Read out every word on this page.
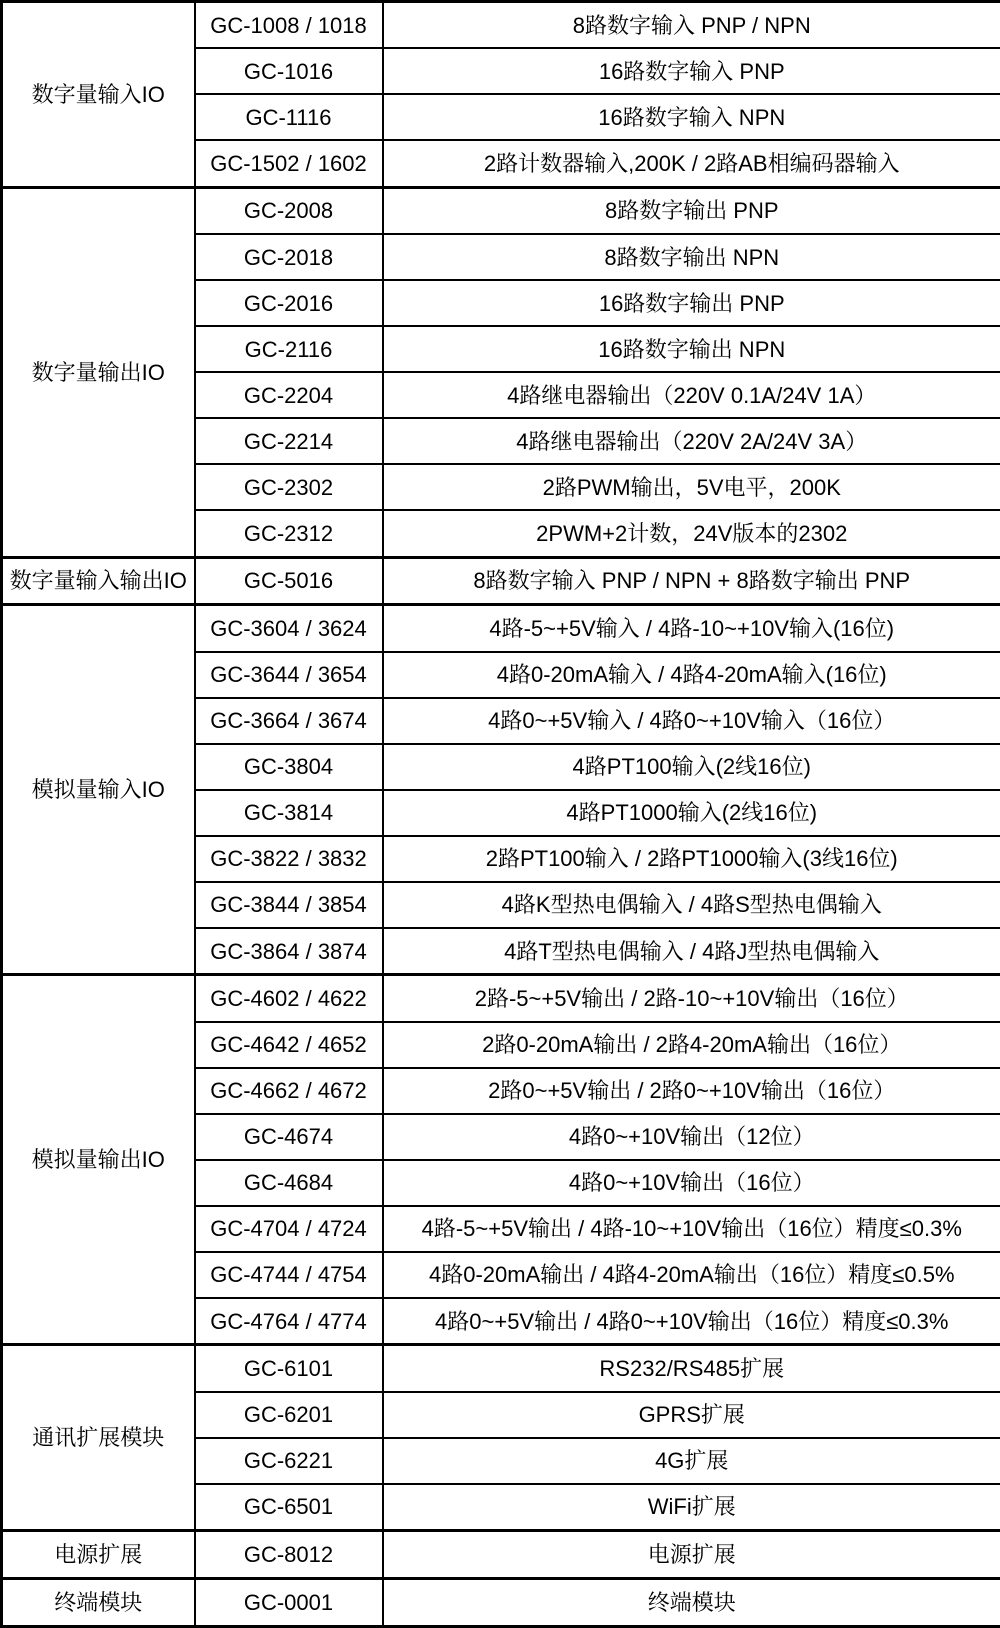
数字量输入IO	GC-1008 / 1018	8路数字输入 PNP / NPN
	GC-1016	16路数字输入 PNP
	GC-1116	16路数字输入 NPN
	GC-1502 / 1602	2路计数器输入,200K / 2路AB相编码器输入
数字量输出IO	GC-2008	8路数字输出 PNP
	GC-2018	8路数字输出 NPN
	GC-2016	16路数字输出 PNP
	GC-2116	16路数字输出 NPN
	GC-2204	4路继电器输出（220V 0.1A/24V 1A）
	GC-2214	4路继电器输出（220V 2A/24V 3A）
	GC-2302	2路PWM输出，5V电平，200K
	GC-2312	2PWM+2计数，24V版本的2302
数字量输入输出IO	GC-5016	8路数字输入 PNP / NPN + 8路数字输出 PNP
模拟量输入IO	GC-3604 / 3624	4路-5~+5V输入 / 4路-10~+10V输入(16位)
	GC-3644 / 3654	4路0-20mA输入 / 4路4-20mA输入(16位)
	GC-3664 / 3674	4路0~+5V输入 / 4路0~+10V输入（16位）
	GC-3804	4路PT100输入(2线16位)
	GC-3814	4路PT1000输入(2线16位)
	GC-3822 / 3832	2路PT100输入 / 2路PT1000输入(3线16位)
	GC-3844 / 3854	4路K型热电偶输入 / 4路S型热电偶输入
	GC-3864 / 3874	4路T型热电偶输入 / 4路J型热电偶输入
模拟量输出IO	GC-4602 / 4622	2路-5~+5V输出 / 2路-10~+10V输出（16位）
	GC-4642 / 4652	2路0-20mA输出 / 2路4-20mA输出（16位）
	GC-4662 / 4672	2路0~+5V输出 / 2路0~+10V输出（16位）
	GC-4674	4路0~+10V输出（12位）
	GC-4684	4路0~+10V输出（16位）
	GC-4704 / 4724	4路-5~+5V输出 / 4路-10~+10V输出（16位）精度≤0.3%
	GC-4744 / 4754	4路0-20mA输出 / 4路4-20mA输出（16位）精度≤0.5%
	GC-4764 / 4774	4路0~+5V输出 / 4路0~+10V输出（16位）精度≤0.3%
通讯扩展模块	GC-6101	RS232/RS485扩展
	GC-6201	GPRS扩展
	GC-6221	4G扩展
	GC-6501	WiFi扩展
电源扩展	GC-8012	电源扩展
终端模块	GC-0001	终端模块
